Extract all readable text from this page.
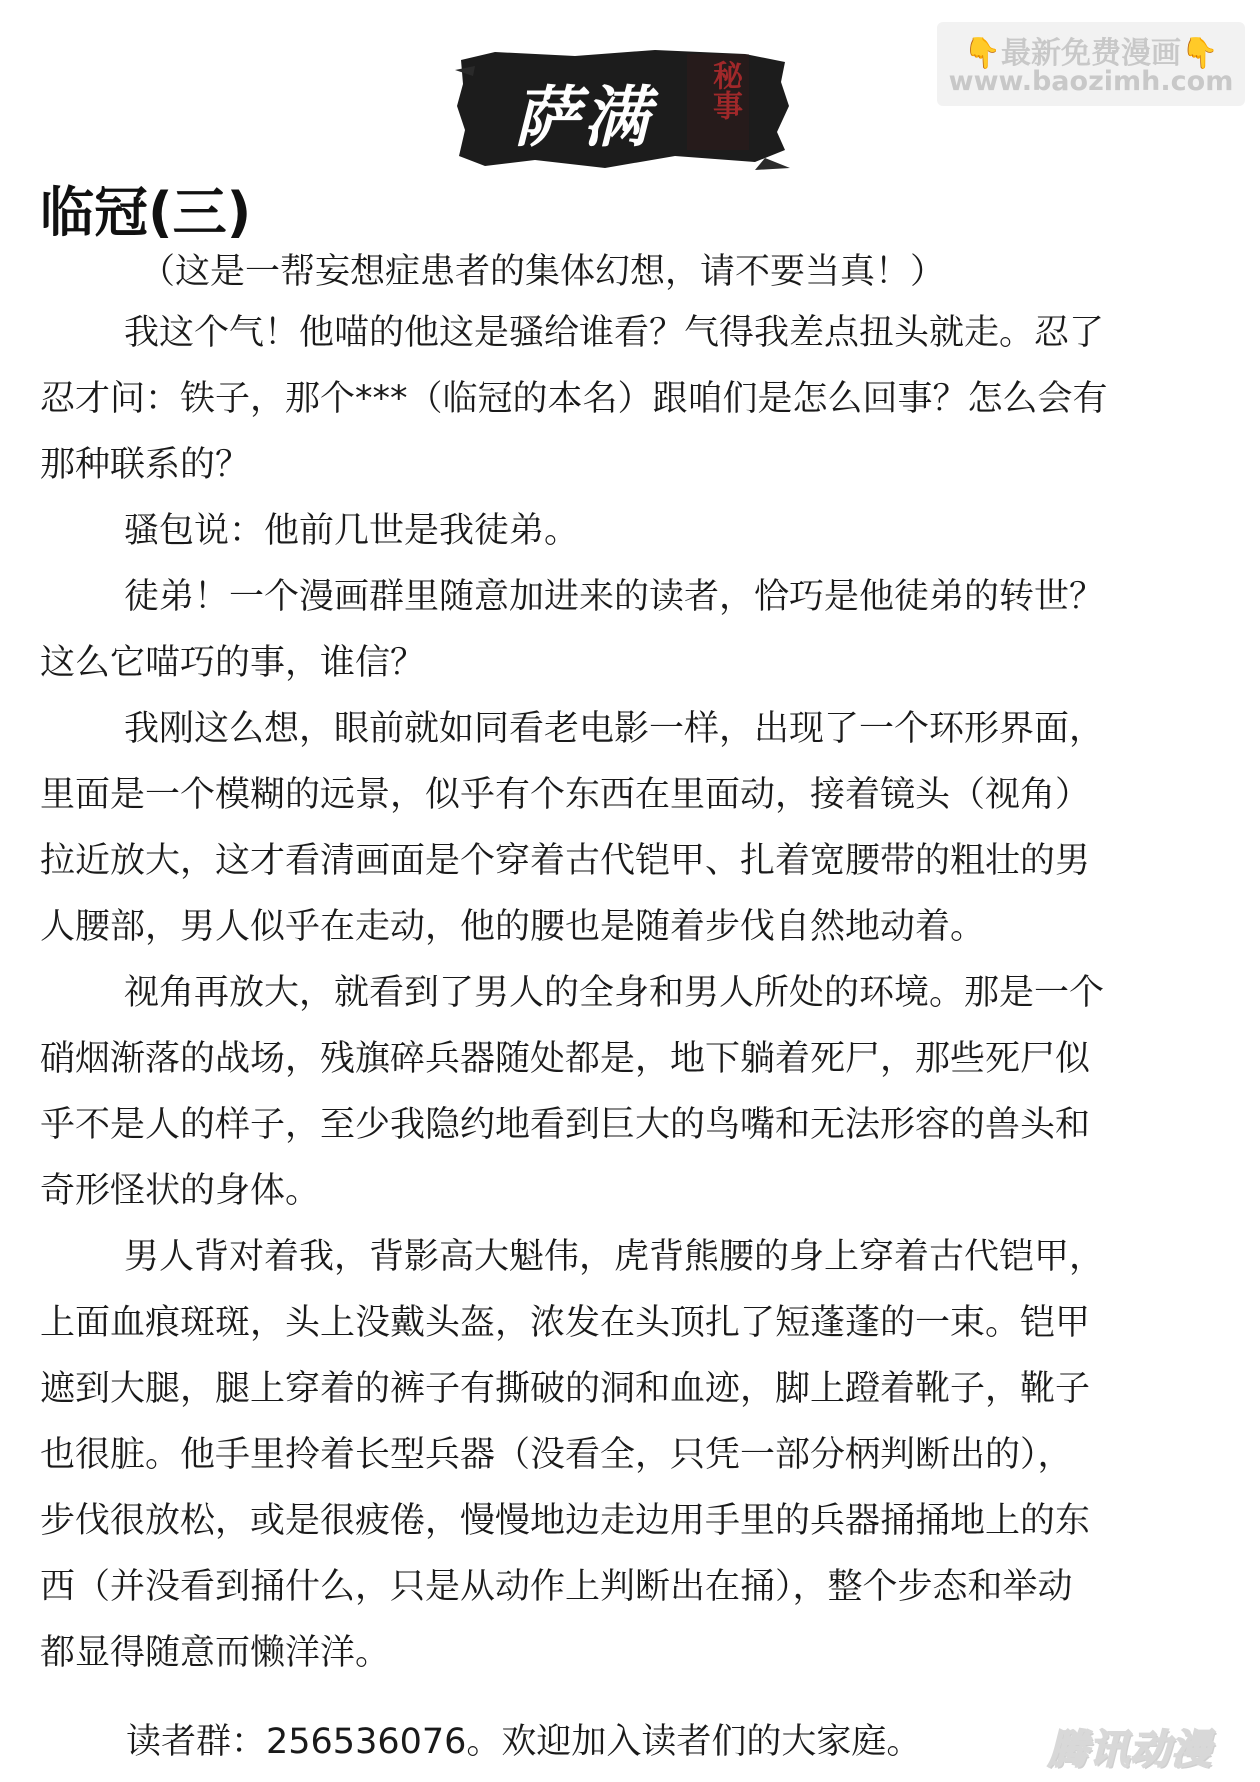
萨满	秘事
👇最新免费漫画👇
www.baozimh.com
临冠(三)
（这是一帮妄想症患者的集体幻想，请不要当真！）
我这个气！他喵的他这是骚给谁看？气得我差点扭头就走。忍了
忍才问：铁子，那个***（临冠的本名）跟咱们是怎么回事？怎么会有
那种联系的？
骚包说：他前几世是我徒弟。
徒弟！一个漫画群里随意加进来的读者，恰巧是他徒弟的转世？
这么它喵巧的事，谁信？
我刚这么想，眼前就如同看老电影一样，出现了一个环形界面，
里面是一个模糊的远景，似乎有个东西在里面动，接着镜头（视角）
拉近放大，这才看清画面是个穿着古代铠甲、扎着宽腰带的粗壮的男
人腰部，男人似乎在走动，他的腰也是随着步伐自然地动着。
视角再放大，就看到了男人的全身和男人所处的环境。那是一个
硝烟渐落的战场，残旗碎兵器随处都是，地下躺着死尸，那些死尸似
乎不是人的样子，至少我隐约地看到巨大的鸟嘴和无法形容的兽头和
奇形怪状的身体。
男人背对着我，背影高大魁伟，虎背熊腰的身上穿着古代铠甲，
上面血痕斑斑，头上没戴头盔，浓发在头顶扎了短蓬蓬的一束。铠甲
遮到大腿，腿上穿着的裤子有撕破的洞和血迹，脚上蹬着靴子，靴子
也很脏。他手里拎着长型兵器（没看全，只凭一部分柄判断出的），
步伐很放松，或是很疲倦，慢慢地边走边用手里的兵器捅捅地上的东
西（并没看到捅什么，只是从动作上判断出在捅），整个步态和举动
都显得随意而懒洋洋。
读者群：256536076。欢迎加入读者们的大家庭。	腾讯动漫
